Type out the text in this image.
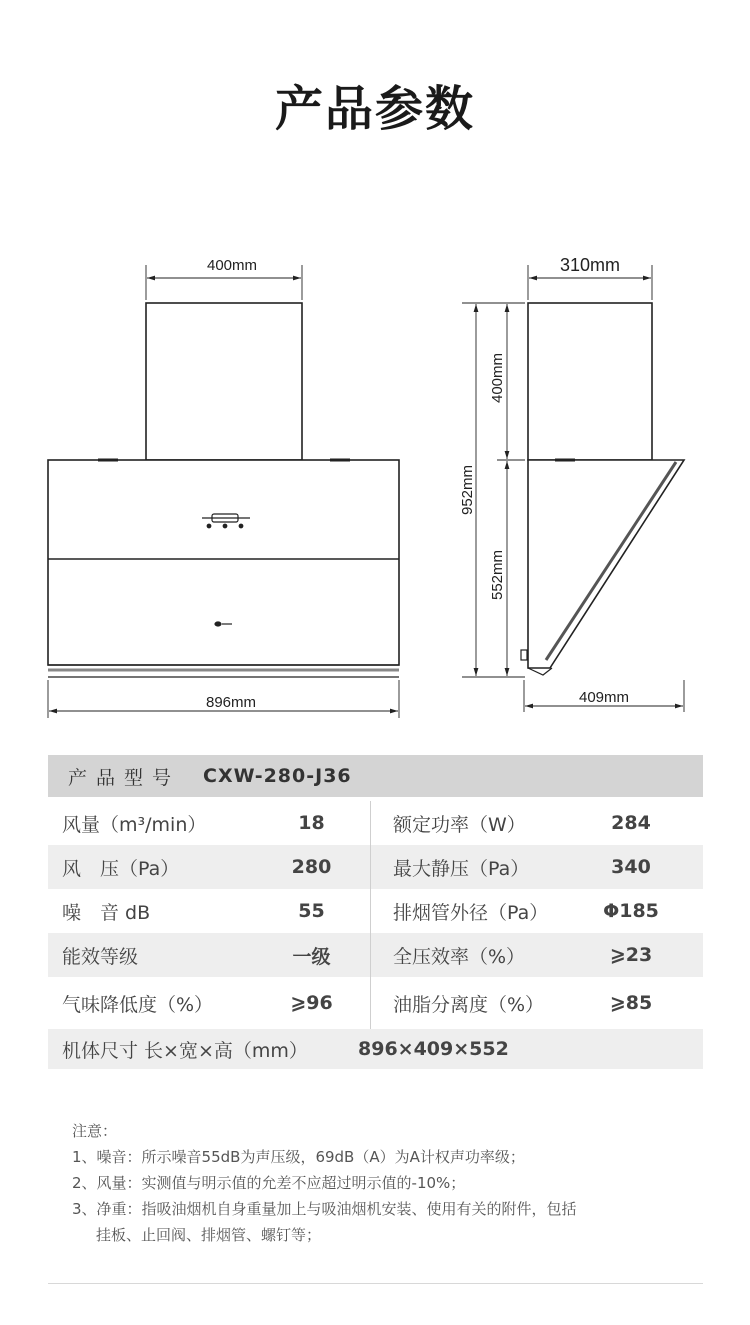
产品参数
400mm
896mm
310mm
409mm
952mm
400mm
552mm
产品型号	CXW-280-J36
风量（m³/min）	18	额定功率（W）	284
风　压（Pa）	280	最大静压（Pa）	340
噪　音 dB	55	排烟管外径（Pa）	Φ185
能效等级	一级	全压效率（%）	⩾23
气味降低度（%）	⩾96	油脂分离度（%）	⩾85
机体尺寸 长×宽×高（mm）	896×409×552
注意：
1、噪音：所示噪音55dB为声压级，69dB（A）为A计权声功率级；
2、风量：实测值与明示值的允差不应超过明示值的-10%；
3、净重：指吸油烟机自身重量加上与吸油烟机安装、使用有关的附件，包括
挂板、止回阀、排烟管、螺钉等；
